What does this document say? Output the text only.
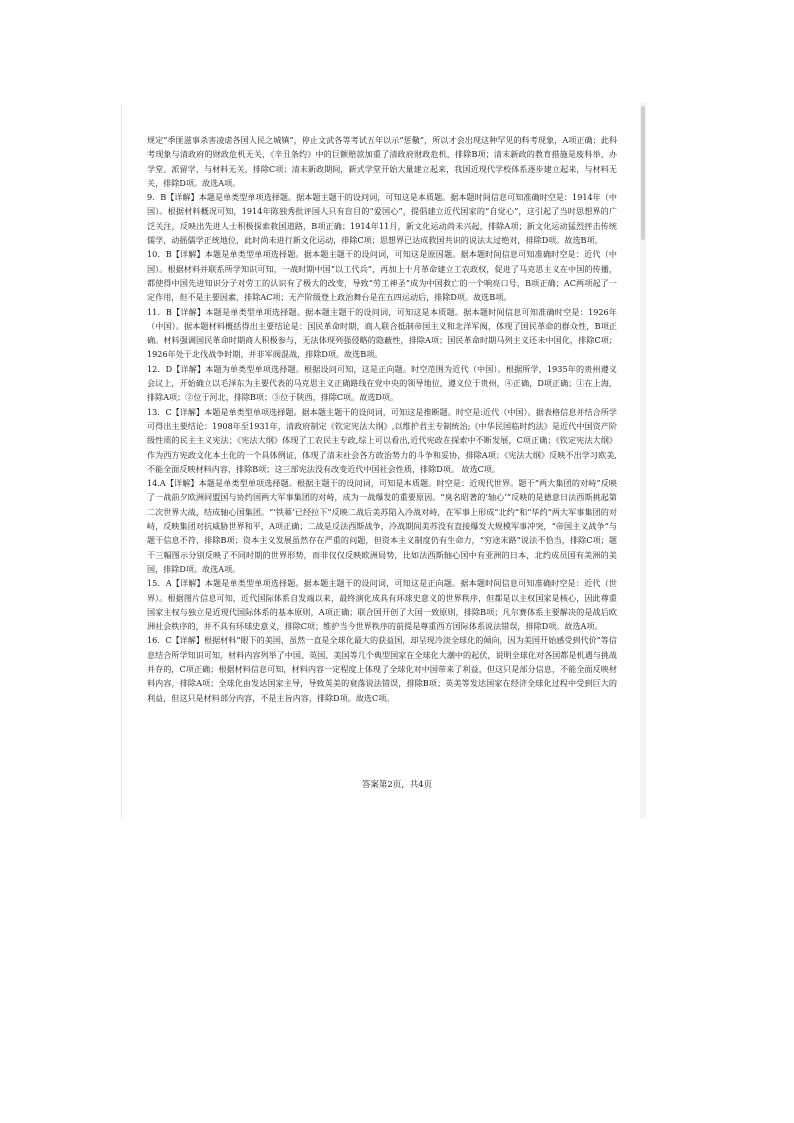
规定“季匪滋事杀害凌虐各国人民之城镇”，停止文武各等考试五年以示“惩儆”，所以才会出现这种罕见的科考现象，A项正确；此科考现象与清政府的财政危机无关，《辛丑条约》中的巨额赔款加重了清政府财政危机，排除B项；清末新政的教育措施是废科举、办学堂、派留学，与材料无关，排除C项；清末新政期间，新式学堂开始大量建立起来，我国近现代学校体系逐步建立起来，与材料无关，排除D项。故选A项。

9．B【详解】本题是单类型单项选择题。据本题主题干的设问词，可知这是本质题。据本题时间信息可知准确时空是：1914年（中国）。根据材料概况可知，1914年陈独秀批评国人只有盲目的“爱国心”，提倡建立近代国家的“自觉心”，这引起了当时思想界的广泛关注，反映出先进人士积极探索救国道路，B项正确；1914年11月，新文化运动尚未兴起，排除A项；新文化运动猛烈抨击传统儒学，动摇儒学正统地位，此时尚未进行新文化运动，排除C项；思想界已达成救国共识的说法太过绝对，排除D项。故选B项。

10．B【详解】本题是单类型单项选择题。据本题主题干的设问词，可知这是原因题。据本题时间信息可知准确时空是：近代（中国）。根据材料并联系所学知识可知，一战时期中国“以工代兵”，再加上十月革命建立工农政权，促进了马克思主义在中国的传播，都使得中国先进知识分子对劳工的认识有了极大的改变，导致“劳工神圣”成为中国救亡的一个响亮口号，B项正确；AC两项起了一定作用，但不是主要因素，排除AC项；无产阶级登上政治舞台是在五四运动后，排除D项。故选B项。

11．B【详解】本题是单类型单项选择题。据本题主题干的设问词，可知这是本质题。据本题时间信息可知准确时空是：1926年（中国）。据本题材料概括得出主要结论是：国民革命时期，商人联合抵制帝国主义和北洋军阀，体现了国民革命的群众性，B项正确。材料强调国民革命时期商人积极参与，无法体现列强侵略的隐蔽性，排除A项；国民革命时期马列主义还未中国化，排除C项；1926年处于北伐战争时期，并非军阀混战，排除D项。故选B项。

12．D【详解】本题为单类型单项选择题。根据设问可知，这是正向题。时空范围为近代（中国）。根据所学，1935年的贵州遵义会议上，开始确立以毛泽东为主要代表的马克思主义正确路线在党中央的领导地位，遵义位于贵州，④正确，D项正确；①在上海，排除A项；②位于河北，排除B项；③位于陕西，排除C项。故选D项。

13．C【详解】本题是单类型单项选择题。据本题主题干的设问词，可知这是推断题。时空是:近代（中国）。据表格信息并结合所学可得出主要结论：1908年至1931年，清政府制定《钦定宪法大纲》,以维护君主专制统治;《中华民国临时约法》是近代中国资产阶级性质的民主主义宪法；《宪法大纲》体现了工农民主专政,综上可以看出,近代宪政在探索中不断发展，C项正确；《钦定宪法大纲》作为西方宪政文化本土化的一个具体例证，体现了清末社会各方政治势力的斗争和妥协，排除A项；《宪法大纲》反映不出学习欧美,不能全面反映材料内容，排除B项；这三部宪法没有改变近代中国社会性质，排除D项。 故选C项。

14.A【详解】本题是单类型单项选择题。根据主题干的设问词，可知是本质题。时空是：近现代世界。题干“两大集团的对峙”反映了一战前夕欧洲同盟国与协约国两大军事集团的对峙，成为一战爆发的重要原因。“臭名昭著的‘轴心’”反映的是德意日法西斯挑起第二次世界大战，结成轴心国集团。“‘铁幕’已经拉下”反映二战后美苏陷入冷战对峙，在军事上形成“北约”和“华约”两大军事集团的对峙，反映集团对抗威胁世界和平，A项正确；二战是反法西斯战争，冷战期间美苏没有直接爆发大规模军事冲突，“帝国主义战争”与题干信息不符，排除B项；资本主义发展虽然存在严重的问题，但资本主义制度仍有生命力，“穷途末路”说法不恰当，排除C项；题干三幅图示分别反映了不同时期的世界形势，而非仅仅反映欧洲局势，比如法西斯轴心国中有亚洲的日本，北约成员国有美洲的美国，排除D项。故选A项。

15．A【详解】本题是单类型单项选择题。据本题主题干的设问词，可知这是正向题。据本题时间信息可知准确时空是：近代（世界）。根据图片信息可知，近代国际体系自发端以来，最终演化成具有环球史意义的世界秩序，但都是以主权国家是核心，因此尊重国家主权与独立是近现代国际体系的基本原则，A项正确；联合国开创了大国一致原则，排除B项；凡尔赛体系主要解决的是战后欧洲社会秩序的，并不具有环球史意义，排除C项；维护当今世界秩序的前提是尊重西方国际体系说法错误，排除D项。故选A项。

16．C【详解】根据材料“眼下的美国，虽然一直是全球化最大的获益国，却呈现冷淡全球化的倾向，因为美国开始感受到代价”等信息结合所学知识可知，材料内容列举了中国、英国、美国等几个典型国家在全球化大潮中的起伏，说明全球化对各国都是机遇与挑战并存的，C项正确；根据材料信息可知，材料内容一定程度上体现了全球化对中国带来了利益，但这只是部分信息，不能全面反映材料内容，排除A项；全球化由发达国家主导，导致英美的衰落说法错误，排除B项；英美等发达国家在经济全球化过程中受到巨大的利益，但这只是材料部分内容，不是主旨内容，排除D项。故选C项。

答案第2页，共4页
